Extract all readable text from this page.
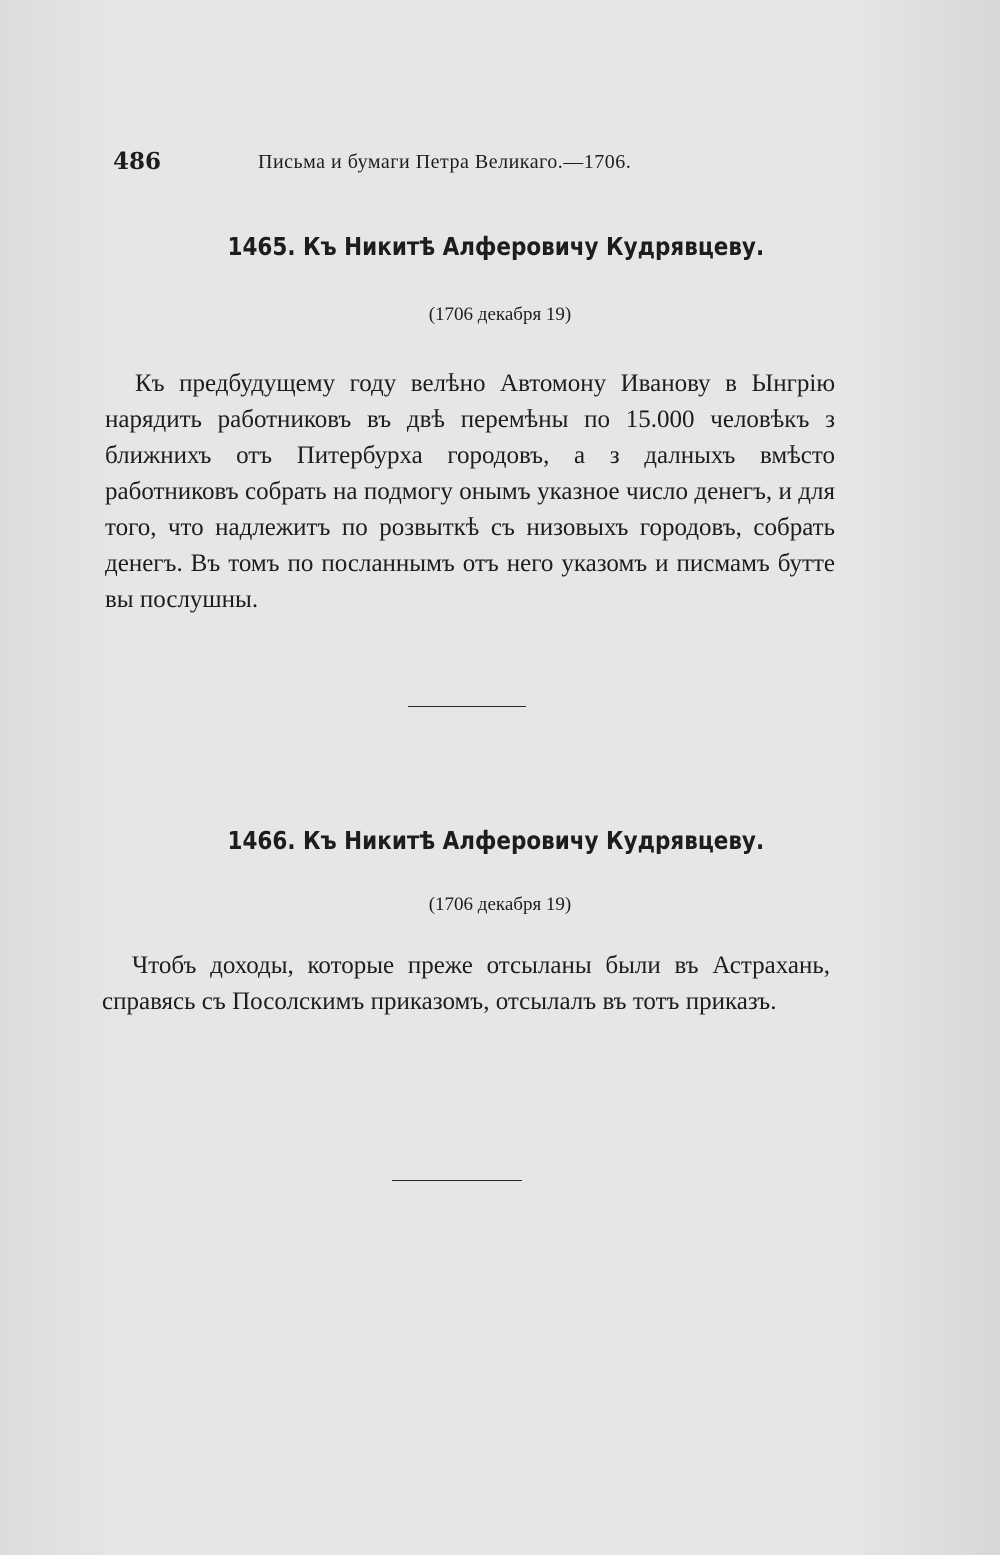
486	Письма и бумаги Петра Великаго.—1706.
1465. Къ Никитѣ Алферовичу Кудрявцеву.
(1706 декабря 19)

Къ предбудущему году велѣно Автомону Иванову в Ынгрію нарядить работниковъ въ двѣ перемѣны по 15.000 человѣкъ з ближнихъ отъ Питербурха городовъ, а з далныхъ вмѣсто работниковъ собрать на подмогу онымъ указное число денегъ, и для того, что надлежитъ по розвыткѣ съ низовыхъ городовъ, собрать денегъ. Въ томъ по посланнымъ отъ него указомъ и писмамъ бутте вы послушны.

1466. Къ Никитѣ Алферовичу Кудрявцеву.
(1706 декабря 19)

Чтобъ доходы, которые преже отсыланы были въ Астрахань, справясь съ Посолскимъ приказомъ, отсылалъ въ тотъ приказъ.
